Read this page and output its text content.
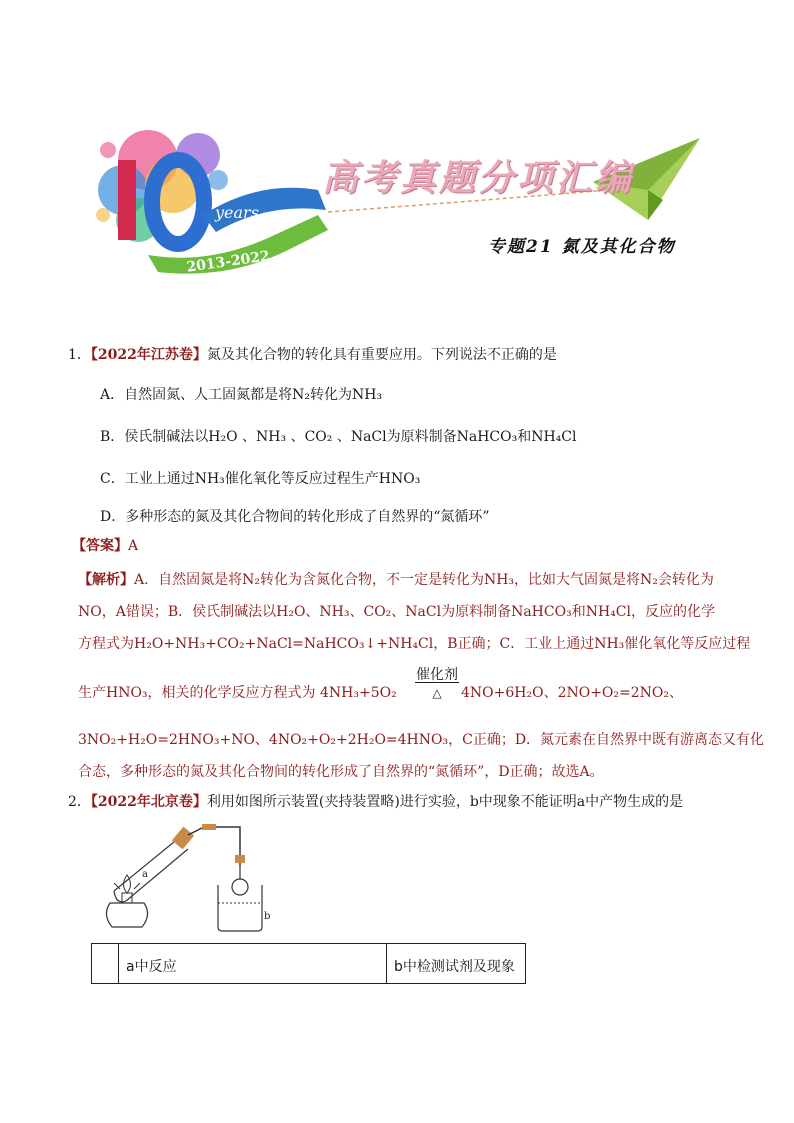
years
2013-2022
高考真题分项汇编
专题21 氮及其化合物
1．【2022年江苏卷】氮及其化合物的转化具有重要应用。下列说法不正确的是
A．自然固氮、人工固氮都是将N₂转化为NH₃
B．侯氏制碱法以H₂O 、NH₃ 、CO₂ 、NaCl为原料制备NaHCO₃和NH₄Cl
C．工业上通过NH₃催化氧化等反应过程生产HNO₃
D．多种形态的氮及其化合物间的转化形成了自然界的“氮循环”
【答案】A
【解析】A．自然固氮是将N₂转化为含氮化合物，不一定是转化为NH₃，比如大气固氮是将N₂会转化为
NO，A错误；B．侯氏制碱法以H₂O、NH₃、CO₂、NaCl为原料制备NaHCO₃和NH₄Cl，反应的化学
方程式为H₂O+NH₃+CO₂+NaCl=NaHCO₃↓+NH₄Cl，B正确；C．工业上通过NH₃催化氧化等反应过程
生产HNO₃，相关的化学反应方程式为 4NH₃+5O₂
催化剂
△	4NO+6H₂O、2NO+O₂=2NO₂、
3NO₂+H₂O=2HNO₃+NO、4NO₂+O₂+2H₂O=4HNO₃，C正确；D．氮元素在自然界中既有游离态又有化
合态，多种形态的氮及其化合物间的转化形成了自然界的“氮循环”，D正确；故选A。
2．【2022年北京卷】利用如图所示装置(夹持装置略)进行实验，b中现象不能证明a中产物生成的是
a
b
a中反应	b中检测试剂及现象
